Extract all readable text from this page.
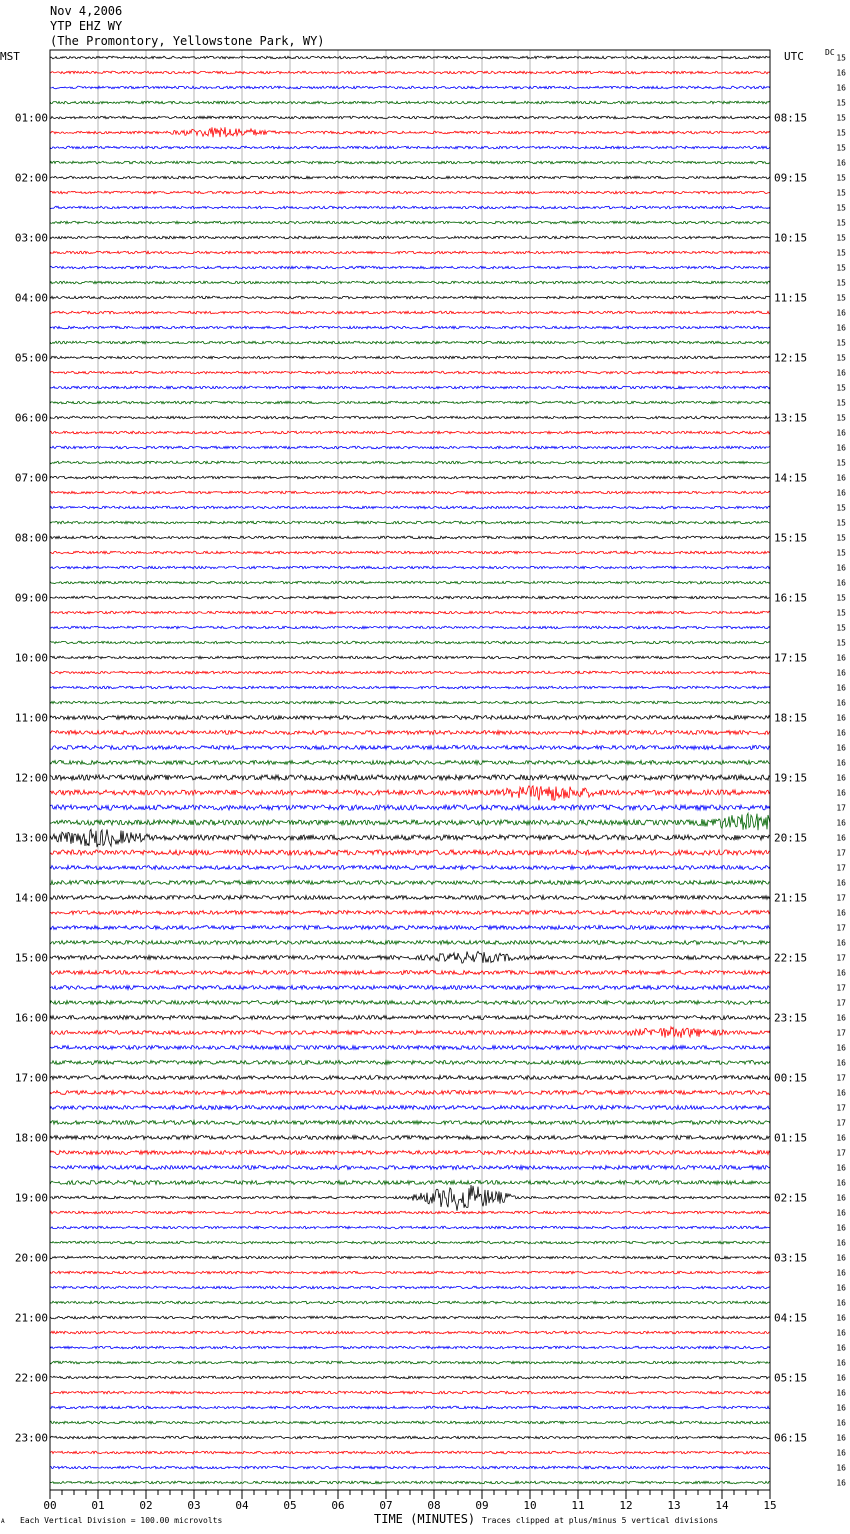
Nov 4,2006
YTP EHZ WY
(The Promontory, Yellowstone Park, WY)
00	01	02	03	04	05	06	07	08	09	10	11	12	13	14	15
01:00	08:15
02:00	09:15
03:00	10:15
04:00	11:15
05:00	12:15
06:00	13:15
07:00	14:15
08:00	15:15
09:00	16:15
10:00	17:15
11:00	18:15
12:00	19:15
13:00	20:15
14:00	21:15
15:00	22:15
16:00	23:15
17:00	00:15
18:00	01:15
19:00	02:15
20:00	03:15
21:00	04:15
22:00	05:15
23:00	06:15
15
16
16
15
15
15
15
16
15
15
15
15
15
15
15
15
15
16
16
15
15
16
15
15
15
16
16
15
16
16
15
15
15
15
16
16
15
15
15
15
16
16
16
16
16
16
16
16
16
16
17
16
16
17
17
16
17
16
17
16
17
16
17
17
16
17
16
16
17
16
17
17
16
17
16
16
16
16
16
16
16
16
16
16
16
16
16
16
16
16
16
16
16
16
16
16
MST	UTC	DC
TIME (MINUTES)
Each Vertical Division = 100.00 microvolts	Traces clipped at plus/minus 5 vertical divisions
A
